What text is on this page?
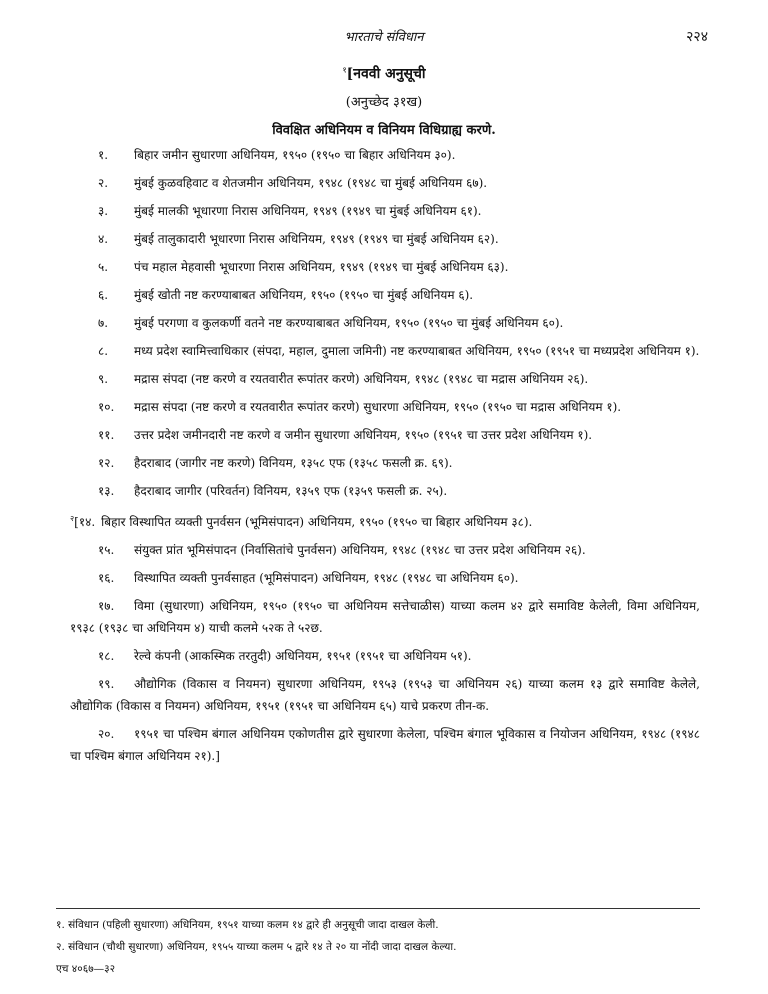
भारताचे संविधान	२२४
$^१$[नववी अनुसूची
(अनुच्छेद ३१ख)
विवक्षित अधिनियम व विनियम विधिग्राह्य करणे.

१. बिहार जमीन सुधारणा अधिनियम, १९५० (१९५० चा बिहार अधिनियम ३०).

२. मुंबई कुळवहिवाट व शेतजमीन अधिनियम, १९४८ (१९४८ चा मुंबई अधिनियम ६७).

३. मुंबई मालकी भूधारणा निरास अधिनियम, १९४९ (१९४९ चा मुंबई अधिनियम ६१).

४. मुंबई तालुकादारी भूधारणा निरास अधिनियम, १९४९ (१९४९ चा मुंबई अधिनियम ६२).

५. पंच महाल मेहवासी भूधारणा निरास अधिनियम, १९४९ (१९४९ चा मुंबई अधिनियम ६३).

६. मुंबई खोती नष्ट करण्याबाबत अधिनियम, १९५० (१९५० चा मुंबई अधिनियम ६).

७. मुंबई परगणा व कुलकर्णी वतने नष्ट करण्याबाबत अधिनियम, १९५० (१९५० चा मुंबई अधिनियम ६०).

८. मध्य प्रदेश स्वामित्त्वाधिकार (संपदा, महाल, दुमाला जमिनी) नष्ट करण्याबाबत अधिनियम, १९५० (१९५१ चा मध्यप्रदेश अधिनियम १).

९. मद्रास संपदा (नष्ट करणे व रयतवारीत रूपांतर करणे) अधिनियम, १९४८ (१९४८ चा मद्रास अधिनियम २६).

१०. मद्रास संपदा (नष्ट करणे व रयतवारीत रूपांतर करणे) सुधारणा अधिनियम, १९५० (१९५० चा मद्रास अधिनियम १).

११. उत्तर प्रदेश जमीनदारी नष्ट करणे व जमीन सुधारणा अधिनियम, १९५० (१९५१ चा उत्तर प्रदेश अधिनियम १).

१२. हैदराबाद (जागीर नष्ट करणे) विनियम, १३५८ एफ (१३५८ फसली क्र. ६९).

१३. हैदराबाद जागीर (परिवर्तन) विनियम, १३५९ एफ (१३५९ फसली क्र. २५).

$^२$[१४. बिहार विस्थापित व्यक्ती पुनर्वसन (भूमिसंपादन) अधिनियम, १९५० (१९५० चा बिहार अधिनियम ३८).

१५. संयुक्त प्रांत भूमिसंपादन (निर्वासितांचे पुनर्वसन) अधिनियम, १९४८ (१९४८ चा उत्तर प्रदेश अधिनियम २६).

१६. विस्थापित व्यक्ती पुनर्वसाहत (भूमिसंपादन) अधिनियम, १९४८ (१९४८ चा अधिनियम ६०).

१७. विमा (सुधारणा) अधिनियम, १९५० (१९५० चा अधिनियम सत्तेचाळीस) याच्या कलम ४२ द्वारे समाविष्ट केलेली, विमा अधिनियम, १९३८ (१९३८ चा अधिनियम ४) याची कलमे ५२क ते ५२छ.

१८. रेल्वे कंपनी (आकस्मिक तरतुदी) अधिनियम, १९५१ (१९५१ चा अधिनियम ५१).

१९. औद्योगिक (विकास व नियमन) सुधारणा अधिनियम, १९५३ (१९५३ चा अधिनियम २६) याच्या कलम १३ द्वारे समाविष्ट केलेले, औद्योगिक (विकास व नियमन) अधिनियम, १९५१ (१९५१ चा अधिनियम ६५) याचे प्रकरण तीन-क.

२०. १९५१ चा पश्चिम बंगाल अधिनियम एकोणतीस द्वारे सुधारणा केलेला, पश्चिम बंगाल भूविकास व नियोजन अधिनियम, १९४८ (१९४८ चा पश्चिम बंगाल अधिनियम २१).]

१. संविधान (पहिली सुधारणा) अधिनियम, १९५१ याच्या कलम १४ द्वारे ही अनुसूची जादा दाखल केली.

२. संविधान (चौथी सुधारणा) अधिनियम, १९५५ याच्या कलम ५ द्वारे १४ ते २० या नोंदी जादा दाखल केल्या.

एच ४०६७—३२
